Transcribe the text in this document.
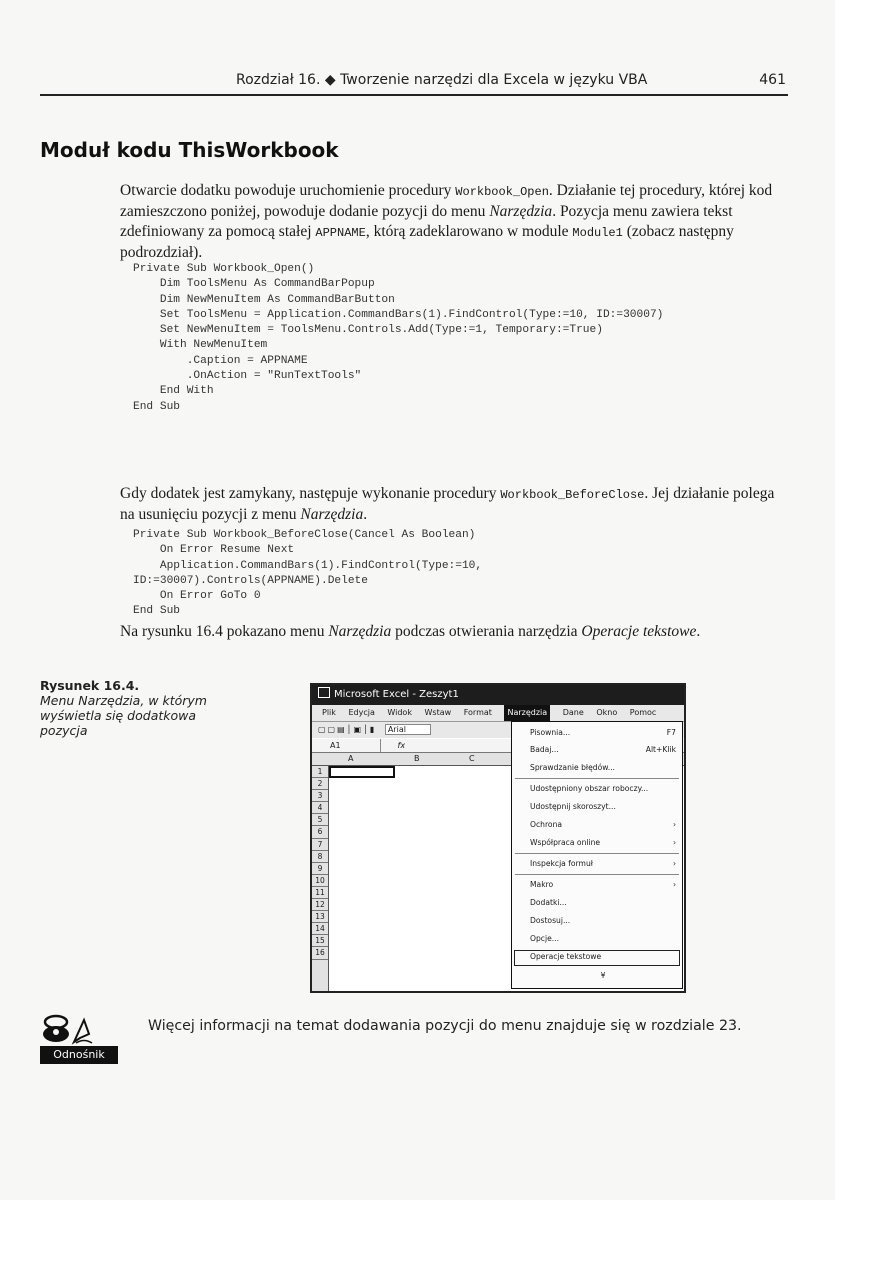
Rozdział 16. ◆ Tworzenie narzędzi dla Excela w języku VBA	461
Moduł kodu ThisWorkbook

Otwarcie dodatku powoduje uruchomienie procedury Workbook_Open. Działanie tej procedury, której kod zamieszczono poniżej, powoduje dodanie pozycji do menu Narzędzia. Pozycja menu zawiera tekst zdefiniowany za pomocą stałej APPNAME, którą zadeklarowano w module Module1 (zobacz następny podrozdział).

Private Sub Workbook_Open()
Dim ToolsMenu As CommandBarPopup
Dim NewMenuItem As CommandBarButton
Set ToolsMenu = Application.CommandBars(1).FindControl(Type:=10, ID:=30007)
Set NewMenuItem = ToolsMenu.Controls.Add(Type:=1, Temporary:=True)
With NewMenuItem
.Caption = APPNAME
.OnAction = "RunTextTools"
End With
End Sub

Gdy dodatek jest zamykany, następuje wykonanie procedury Workbook_BeforeClose. Jej działanie polega na usunięciu pozycji z menu Narzędzia.

Private Sub Workbook_BeforeClose(Cancel As Boolean)
On Error Resume Next
Application.CommandBars(1).FindControl(Type:=10,
ID:=30007).Controls(APPNAME).Delete
On Error GoTo 0
End Sub

Na rysunku 16.4 pokazano menu Narzędzia podczas otwierania narzędzia Operacje tekstowe.

Rysunek 16.4.
Menu Narzędzia, w którym wyświetla się dodatkowa pozycja
Microsoft Excel - Zeszyt1
Plik Edycja Widok Wstaw Format Narzędzia Dane Okno Pomoc
▢▢▤│▣│▮ Arial
A1	fx
A	B	C
1
2
3
4
5
6
7
8
9
10
11
12
13
14
15
16
Pisownia...	F7
Badaj...	Alt+Klik
Sprawdzanie błędów...
Udostępniony obszar roboczy...
Udostępnij skoroszyt...
Ochrona	›
Współpraca online	›
Inspekcja formuł	›
Makro	›
Dodatki...
Dostosuj...
Opcje...
Operacje tekstowe
¥
Odnośnik
Więcej informacji na temat dodawania pozycji do menu znajduje się w rozdziale 23.
